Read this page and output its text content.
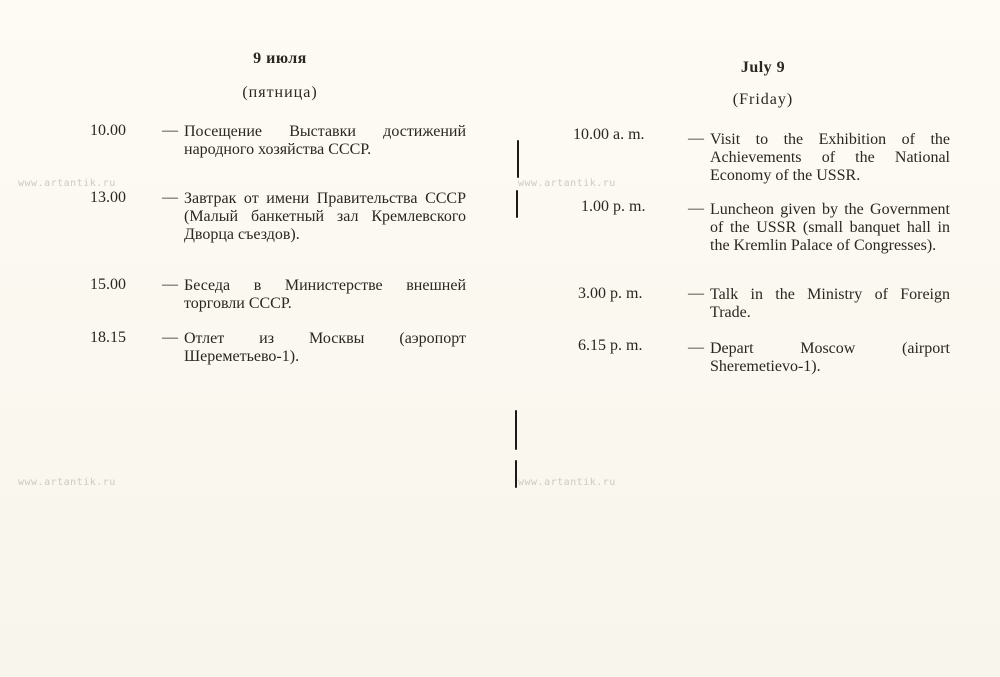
9 июля
(пятница)
10.00 — Посещение Выставки достижений народного хозяйства СССР.
13.00 — Завтрак от имени Правительства СССР (Малый банкетный зал Кремлевского Дворца съездов).
15.00 — Беседа в Министерстве внешней торговли СССР.
18.15 — Отлет из Москвы (аэропорт Шереметьево-1).
July 9
(Friday)
10.00 a. m.	— Visit to the Exhibition of the Achievements of the National Economy of the USSR.
1.00 p. m.	— Luncheon given by the Government of the USSR (small banquet hall in the Kremlin Palace of Congresses).
3.00 p. m.	— Talk in the Ministry of Foreign Trade.
6.15 p. m.	— Depart Moscow (airport Sheremetievo-1).
www.artantik.ru	www.artantik.ru
www.artantik.ru	www.artantik.ru
